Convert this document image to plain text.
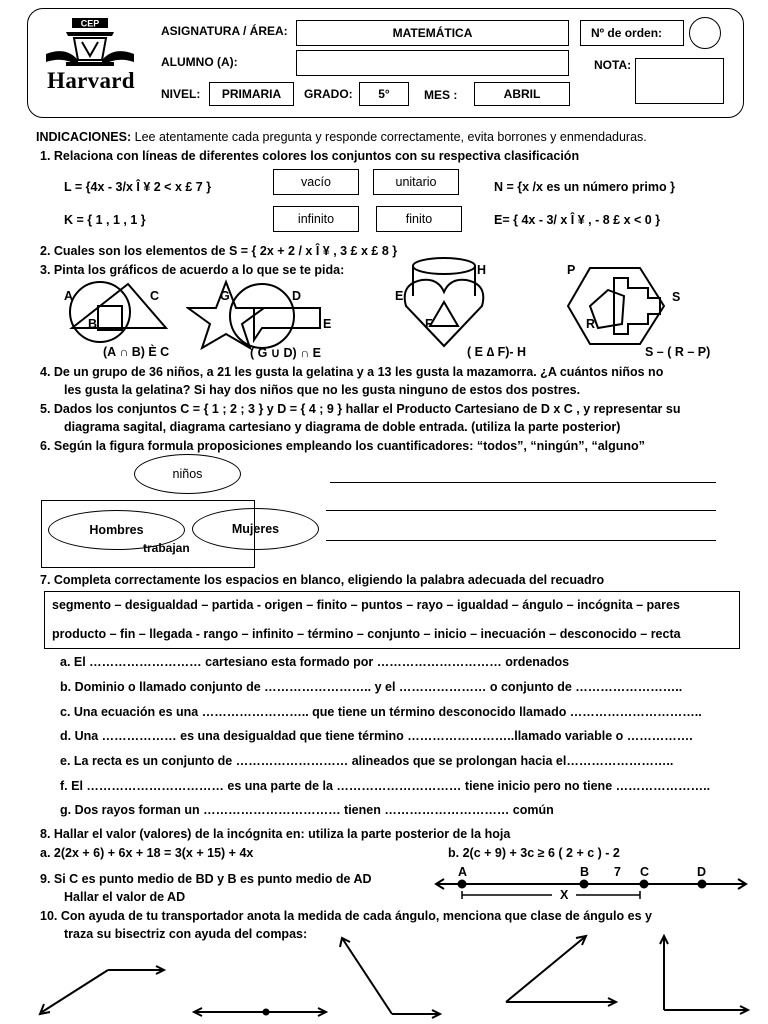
CEP
Harvard
ASIGNATURA / ÁREA:	MATEMÁTICA	Nº de orden:
ALUMNO (A):	NOTA:
NIVEL: PRIMARIA GRADO: 5°	MES :	ABRIL
INDICACIONES: Lee atentamente cada pregunta y responde correctamente, evita borrones y enmendaduras.
1. Relaciona con líneas de diferentes colores los conjuntos con su respectiva clasificación
L = {4x - 3/x Î ¥ 2 < x £ 7 }
K = { 1 , 1 , 1 }
N = {x /x es un número primo }
E= { 4x - 3/ x Î ¥ , - 8 £ x < 0 }
vacío	unitario
infinito	finito
2. Cuales son los elementos de S = { 2x + 2 / x Î ¥ , 3 £ x £ 8 }
3. Pinta los gráficos de acuerdo a lo que se te pida:
A
B
C
(A ∩ B) È C
G	D
E
( G ∪ D) ∩ E
E
H
F
( E ∆ F)- H
P
S
R
S – ( R – P)
4. De un grupo de 36 niños, a 21 les gusta la gelatina y a 13 les gusta la mazamorra. ¿A cuántos niños no
les gusta la gelatina? Si hay dos niños que no les gusta ninguno de estos dos postres.
5. Dados los conjuntos C = { 1 ; 2 ; 3 } y D = { 4 ; 9 } hallar el Producto Cartesiano de D x C , y representar su
diagrama sagital, diagrama cartesiano y diagrama de doble entrada. (utiliza la parte posterior)
6. Según la figura formula proposiciones empleando los cuantificadores: “todos”, “ningún”, “alguno”
niños
Hombres	Mujeres
trabajan
7. Completa correctamente los espacios en blanco, eligiendo la palabra adecuada del recuadro
segmento – desigualdad – partida - origen – finito – puntos – rayo – igualdad – ángulo – incógnita – pares
producto – fin – llegada - rango – infinito – término – conjunto – inicio – inecuación – desconocido – recta
a. El ……………………… cartesiano esta formado por ………………………… ordenados
b. Dominio o llamado conjunto de …………………….. y el ………………… o conjunto de ……………………..
c. Una ecuación es una …………………….. que tiene un término desconocido llamado …………………………..
d. Una ……………… es una desigualdad que tiene término ……………………..llamado variable o …………….
e. La recta es un conjunto de ……………………… alineados que se prolongan hacia el……………………..
f. El …………………………… es una parte de la ………………………… tiene inicio pero no tiene …………………..
g. Dos rayos forman un …………………………… tienen ………………………… común
8. Hallar el valor (valores) de la incógnita en: utiliza la parte posterior de la hoja
a. 2(2x + 6) + 6x + 18 = 3(x + 15) + 4x	b. 2(c + 9) + 3c ≥ 6 ( 2 + c ) - 2
9. Si C es punto medio de BD y B es punto medio de AD
Hallar el valor de AD
A	B 7 C	D
X
10. Con ayuda de tu transportador anota la medida de cada ángulo, menciona que clase de ángulo es y
traza su bisectriz con ayuda del compas:
